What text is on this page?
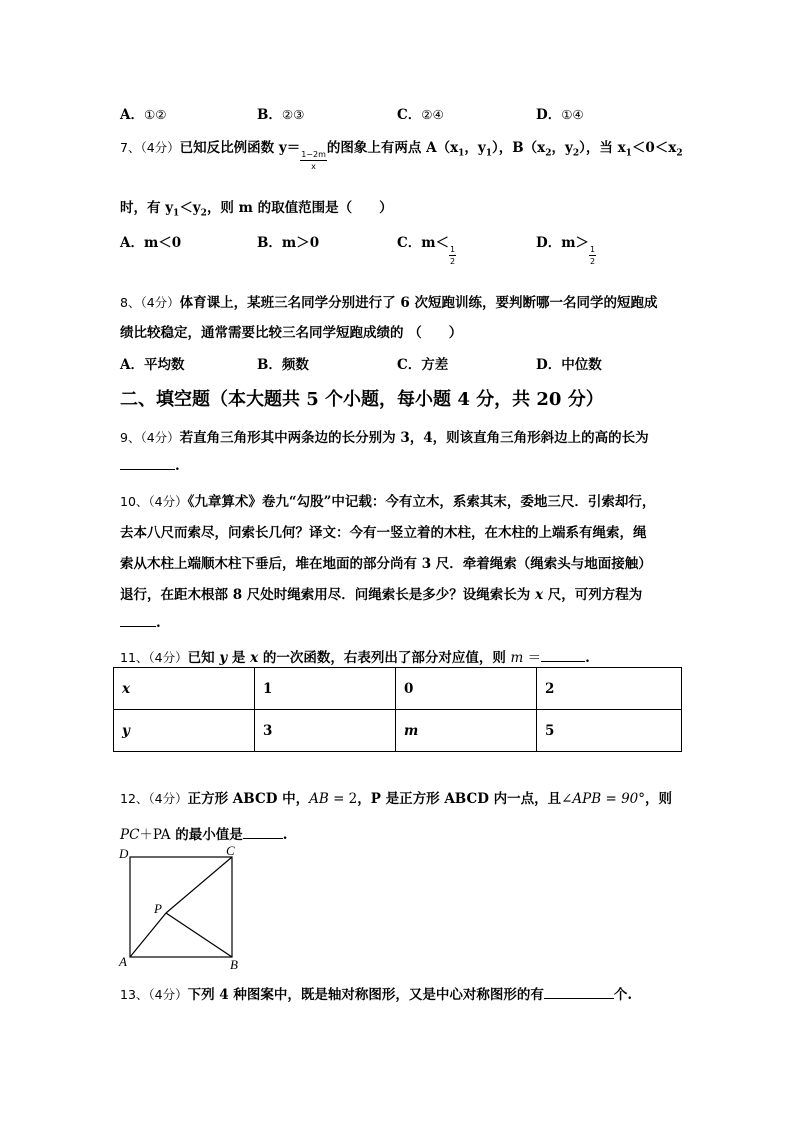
A．①②	B．②③	C．②④	D．①④
7、（4分）已知反比例函数 y＝
$\frac{1-2m}{x}$
的图象上有两点 $A(x_1$，$y_1$），$B(x_2$，$y_2$），当 $x_1<0<x_2$
时，有 $y_1<y_2$，则 m 的取值范围是（　　）
A．m＜0	B．m＞0	C．m＜
$\frac{1}{2}$
D．m＞
$\frac{1}{2}$
8、（4分）体育课上，某班三名同学分别进行了 6 次短跑训练，要判断哪一名同学的短跑成
绩比较稳定，通常需要比较三名同学短跑成绩的 （　　）
A．平均数	B．频数	C．方差	D．中位数
二、填空题（本大题共 5 个小题，每小题 4 分，共 20 分）
9、（4分）若直角三角形其中两条边的长分别为 3，4，则该直角三角形斜边上的高的长为
.
10、（4分）《九章算术》卷九“勾股”中记载：今有立木，系索其末，委地三尺．引索却行，
去本八尺而索尽，问索长几何？译文：今有一竖立着的木柱，在木柱的上端系有绳索，绳
索从木柱上端顺木柱下垂后，堆在地面的部分尚有 3 尺．牵着绳索（绳索头与地面接触）
退行，在距木根部 8 尺处时绳索用尽．问绳索长是多少？设绳索长为 x 尺，可列方程为
.
11、（4分）已知 y 是 x 的一次函数，右表列出了部分对应值，则 m ＝	.
x	1	0	2
y	3	m	5
12、（4分）正方形 ABCD 中，AB = 2，P 是正方形 ABCD 内一点，且∠APB = 90°，则
PC＋PA 的最小值是	.
D	C
P
A	B
13、（4分）下列 4 种图案中，既是轴对称图形，又是中心对称图形的有	个.
